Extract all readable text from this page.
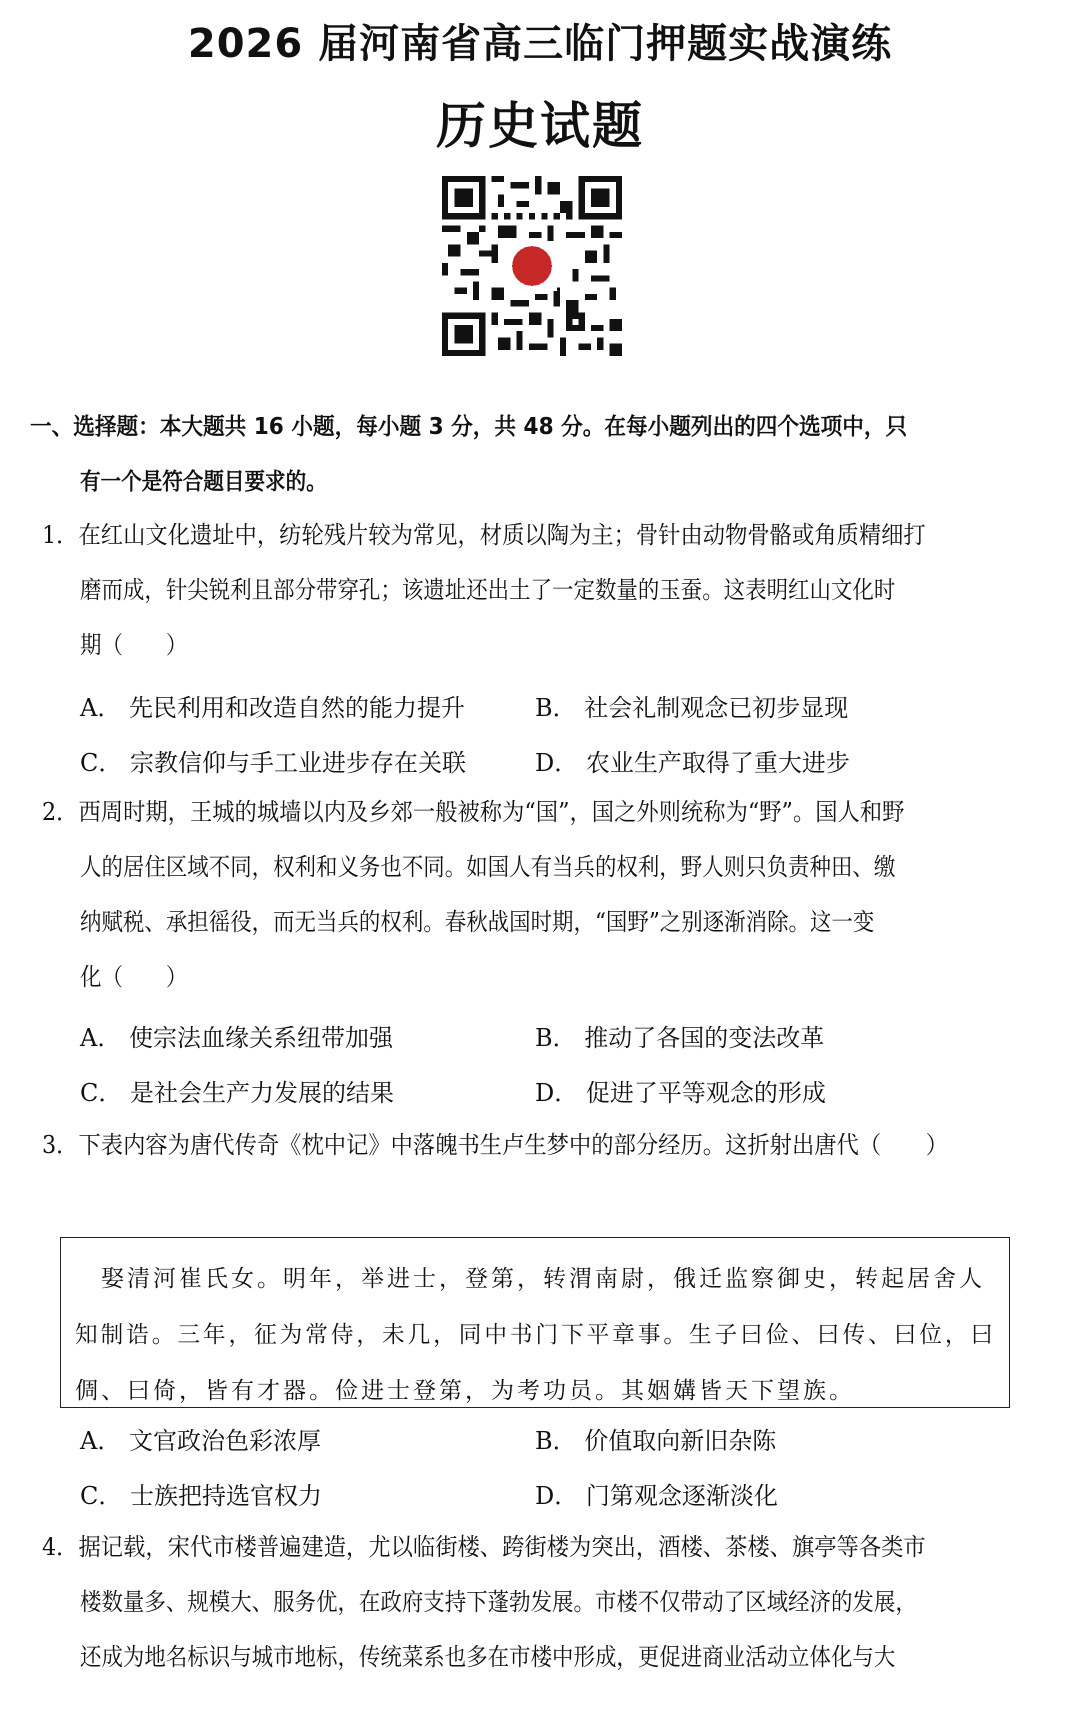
2026 届河南省高三临门押题实战演练
历史试题
一、选择题：本大题共 16 小题，每小题 3 分，共 48 分。在每小题列出的四个选项中，只
有一个是符合题目要求的。
1．在红山文化遗址中，纺轮残片较为常见，材质以陶为主；骨针由动物骨骼或角质精细打
磨而成，针尖锐利且部分带穿孔；该遗址还出土了一定数量的玉蚕。这表明红山文化时
期（　　）
A． 先民利用和改造自然的能力提升	B． 社会礼制观念已初步显现
C． 宗教信仰与手工业进步存在关联	D． 农业生产取得了重大进步
2．西周时期，王城的城墙以内及乡郊一般被称为“国”，国之外则统称为“野”。国人和野
人的居住区域不同，权利和义务也不同。如国人有当兵的权利，野人则只负责种田、缴
纳赋税、承担徭役，而无当兵的权利。春秋战国时期，“国野”之别逐渐消除。这一变
化（　　）
A． 使宗法血缘关系纽带加强	B． 推动了各国的变法改革
C． 是社会生产力发展的结果	D． 促进了平等观念的形成
3．下表内容为唐代传奇《枕中记》中落魄书生卢生梦中的部分经历。这折射出唐代（　　）
　娶清河崔氏女。明年，举进士，登第，转渭南尉，俄迁监察御史，转起居舍人
知制诰。三年，征为常侍，未几，同中书门下平章事。生子曰俭、曰传、曰位，曰
倜、曰倚，皆有才器。俭进士登第，为考功员。其姻媾皆天下望族。
A． 文官政治色彩浓厚	B． 价值取向新旧杂陈
C． 士族把持选官权力	D． 门第观念逐渐淡化
4．据记载，宋代市楼普遍建造，尤以临街楼、跨街楼为突出，酒楼、茶楼、旗亭等各类市
楼数量多、规模大、服务优，在政府支持下蓬勃发展。市楼不仅带动了区域经济的发展，
还成为地名标识与城市地标，传统菜系也多在市楼中形成，更促进商业活动立体化与大
